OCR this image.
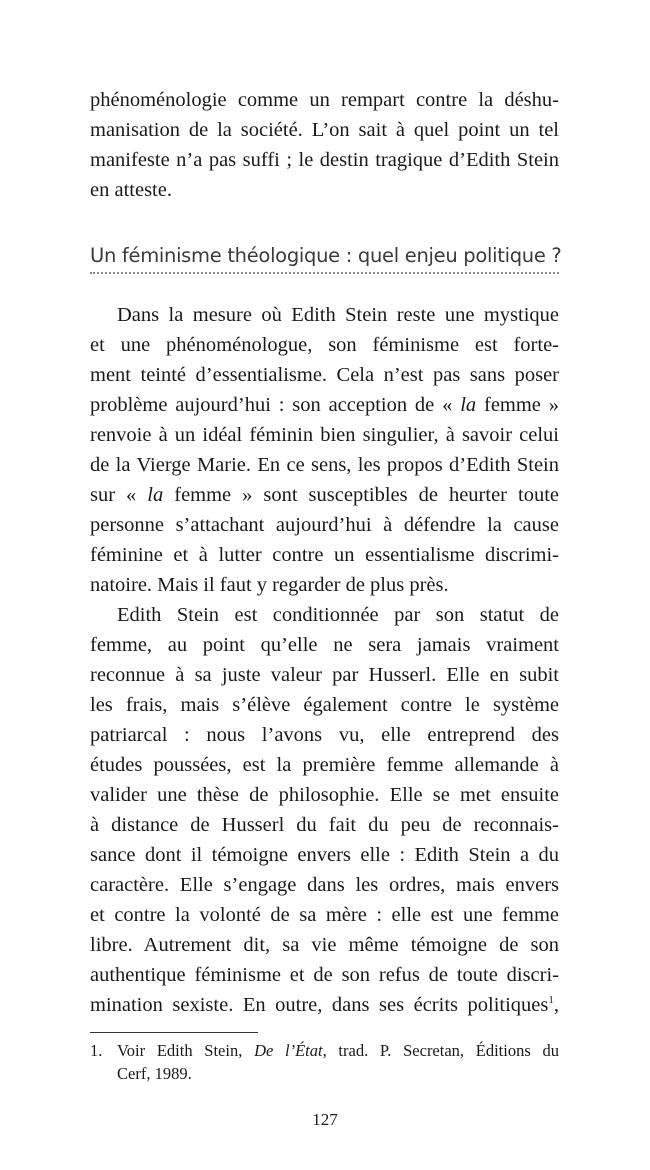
phénoménologie comme un rempart contre la déshu-
manisation de la société. L’on sait à quel point un tel
manifeste n’a pas suffi ; le destin tragique d’Edith Stein
en atteste.
Un féminisme théologique : quel enjeu politique ?
Dans la mesure où Edith Stein reste une mystique
et une phénoménologue, son féminisme est forte-
ment teinté d’essentialisme. Cela n’est pas sans poser
problème aujourd’hui : son acception de « la femme »
renvoie à un idéal féminin bien singulier, à savoir celui
de la Vierge Marie. En ce sens, les propos d’Edith Stein
sur « la femme » sont susceptibles de heurter toute
personne s’attachant aujourd’hui à défendre la cause
féminine et à lutter contre un essentialisme discrimi-
natoire. Mais il faut y regarder de plus près.
Edith Stein est conditionnée par son statut de
femme, au point qu’elle ne sera jamais vraiment
reconnue à sa juste valeur par Husserl. Elle en subit
les frais, mais s’élève également contre le système
patriarcal : nous l’avons vu, elle entreprend des
études poussées, est la première femme allemande à
valider une thèse de philosophie. Elle se met ensuite
à distance de Husserl du fait du peu de reconnais-
sance dont il témoigne envers elle : Edith Stein a du
caractère. Elle s’engage dans les ordres, mais envers
et contre la volonté de sa mère : elle est une femme
libre. Autrement dit, sa vie même témoigne de son
authentique féminisme et de son refus de toute discri-
mination sexiste. En outre, dans ses écrits politiques$^1$,
1. Voir Edith Stein, De l’État, trad. P. Secretan, Éditions du
Cerf, 1989.
127
